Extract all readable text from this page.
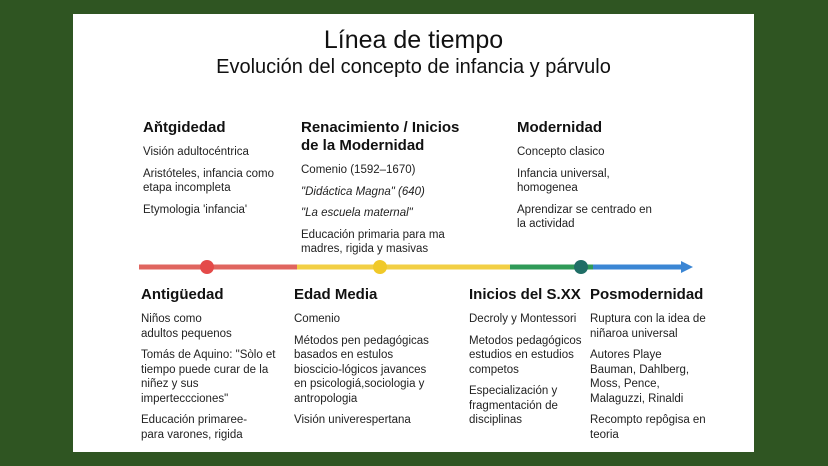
Línea de tiempo
Evolución del concepto de infancia y párvulo
Aňtgidedad

Visión adultocéntrica

Aristóteles, infancia como etapa incompleta

Etymologia 'infancia'

Renacimiento / Inicios de la Modernidad

Comenio (1592–1670)

"Didáctica Magna" (640)

"La escuela maternal"

Educación primaria para ma madres, rigida y masivas

Modernidad

Concepto clasico

Infancia universal, homogenea

Aprendizar se centrado en la actividad

Antigüedad

Niños como adultos pequenos

Tomás de Aquino: "Sòlo et tiempo puede curar de la niñez y sus imperteccciones"

Educación primaree- para varones, rigida

Edad Media

Comenio

Métodos pen pedagógicas basados en estulos bioscicio-lógicos javances en psicologiá,sociologia y antropologia

Visión univerespertana

Inicios del S.XX

Decroly y Montessori

Metodos pedagógicos estudios en estudios competos

Especialización y fragmentación de disciplinas

Posmodernidad

Ruptura con la idea de niñaroa universal

Autores Playe Bauman, Dahlberg, Moss, Pence, Malaguzzi, Rinaldi

Recompto repôgisa en teoria
